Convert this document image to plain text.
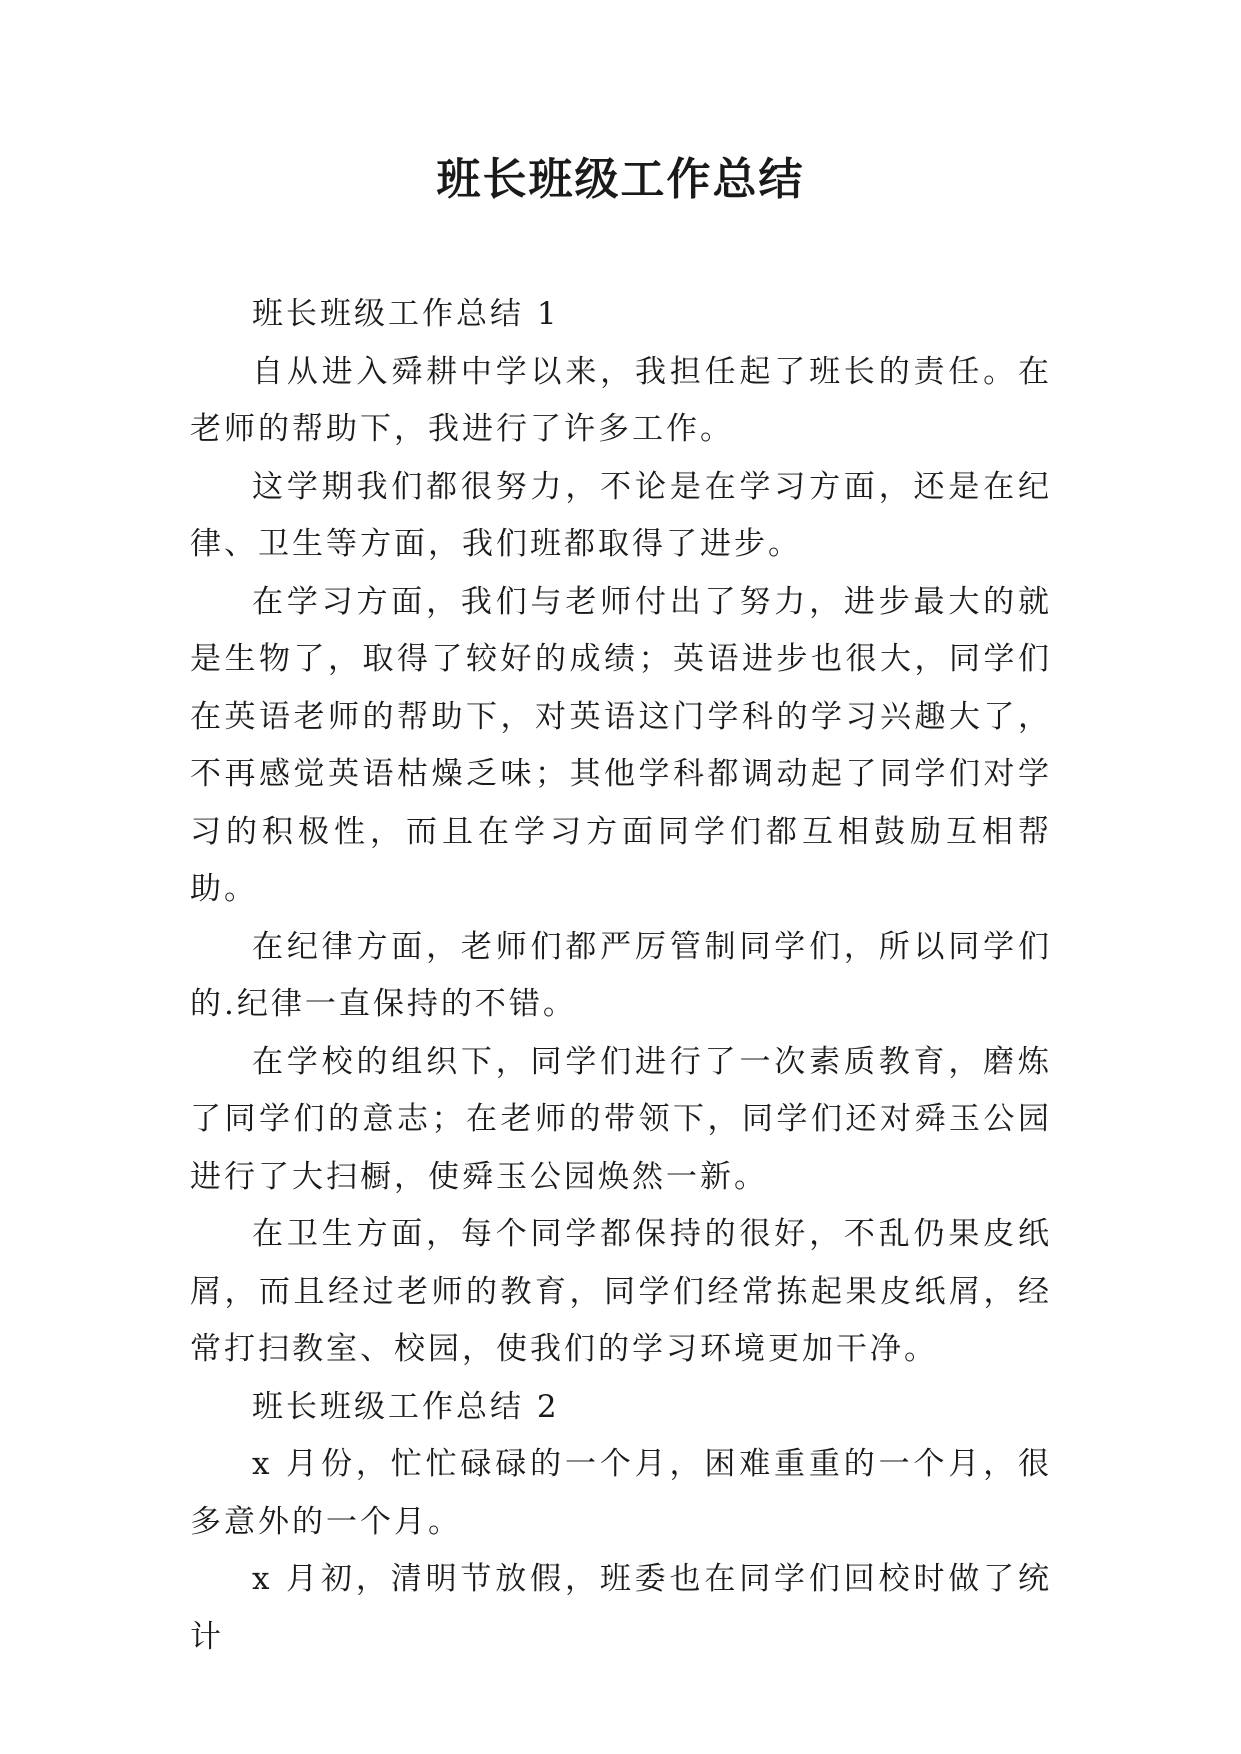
班长班级工作总结

班长班级工作总结 1

自从进入舜耕中学以来，我担任起了班长的责任。在老师的帮助下，我进行了许多工作。

这学期我们都很努力，不论是在学习方面，还是在纪律、卫生等方面，我们班都取得了进步。

在学习方面，我们与老师付出了努力，进步最大的就是生物了，取得了较好的成绩；英语进步也很大，同学们在英语老师的帮助下，对英语这门学科的学习兴趣大了，不再感觉英语枯燥乏味；其他学科都调动起了同学们对学习的积极性，而且在学习方面同学们都互相鼓励互相帮助。

在纪律方面，老师们都严厉管制同学们，所以同学们的.纪律一直保持的不错。

在学校的组织下，同学们进行了一次素质教育，磨炼了同学们的意志；在老师的带领下，同学们还对舜玉公园进行了大扫橱，使舜玉公园焕然一新。

在卫生方面，每个同学都保持的很好，不乱仍果皮纸屑，而且经过老师的教育，同学们经常拣起果皮纸屑，经常打扫教室、校园，使我们的学习环境更加干净。

班长班级工作总结 2

x 月份，忙忙碌碌的一个月，困难重重的一个月，很多意外的一个月。

x 月初，清明节放假，班委也在同学们回校时做了统计
